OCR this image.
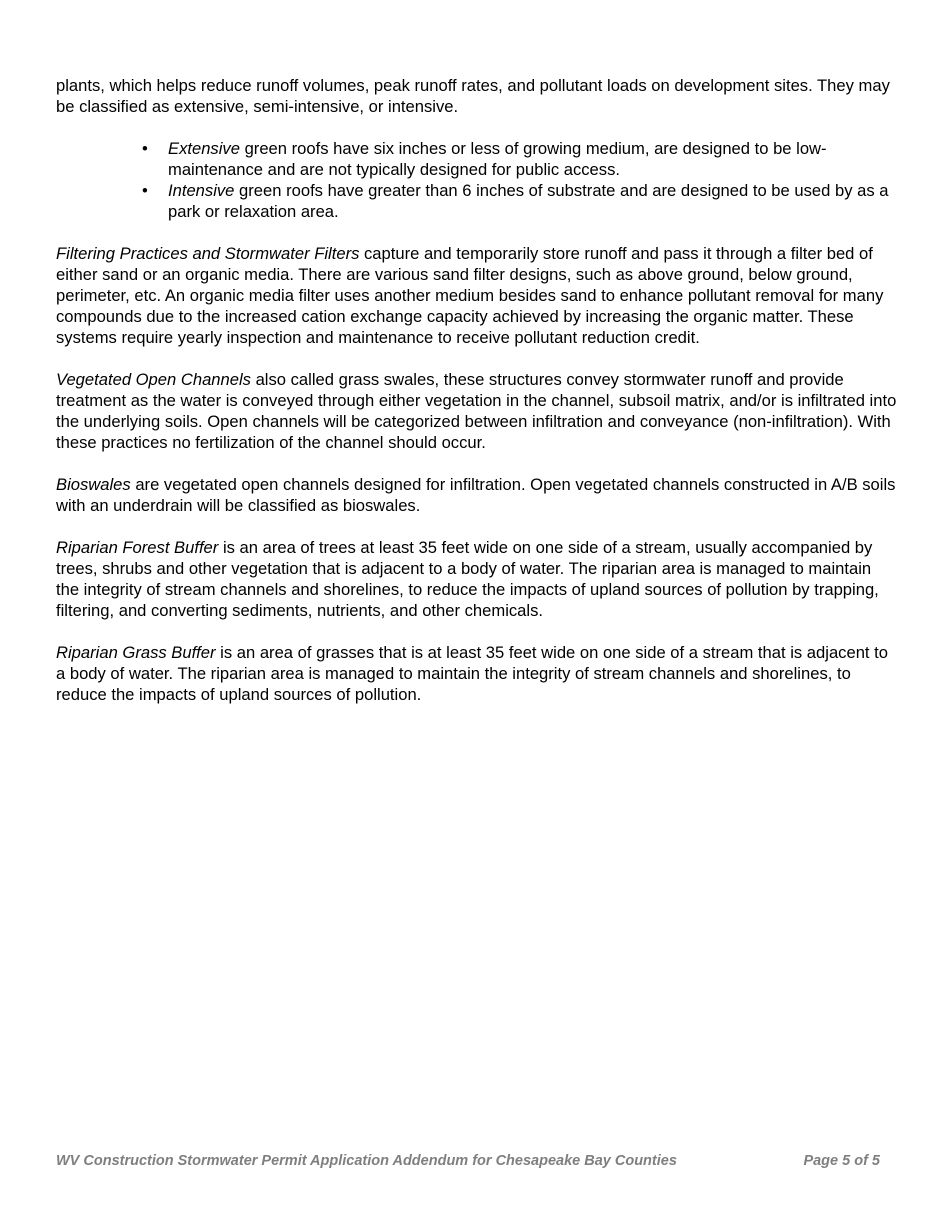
plants, which helps reduce runoff volumes, peak runoff rates, and pollutant loads on development sites. They may be classified as extensive, semi-intensive, or intensive.

• Extensive green roofs have six inches or less of growing medium, are designed to be low-maintenance and are not typically designed for public access.
• Intensive green roofs have greater than 6 inches of substrate and are designed to be used by as a park or relaxation area.

Filtering Practices and Stormwater Filters capture and temporarily store runoff and pass it through a filter bed of either sand or an organic media. There are various sand filter designs, such as above ground, below ground, perimeter, etc. An organic media filter uses another medium besides sand to enhance pollutant removal for many compounds due to the increased cation exchange capacity achieved by increasing the organic matter. These systems require yearly inspection and maintenance to receive pollutant reduction credit.

Vegetated Open Channels also called grass swales, these structures convey stormwater runoff and provide treatment as the water is conveyed through either vegetation in the channel, subsoil matrix, and/or is infiltrated into the underlying soils. Open channels will be categorized between infiltration and conveyance (non-infiltration). With these practices no fertilization of the channel should occur.

Bioswales are vegetated open channels designed for infiltration. Open vegetated channels constructed in A/B soils with an underdrain will be classified as bioswales.

Riparian Forest Buffer is an area of trees at least 35 feet wide on one side of a stream, usually accompanied by trees, shrubs and other vegetation that is adjacent to a body of water. The riparian area is managed to maintain the integrity of stream channels and shorelines, to reduce the impacts of upland sources of pollution by trapping, filtering, and converting sediments, nutrients, and other chemicals.

Riparian Grass Buffer is an area of grasses that is at least 35 feet wide on one side of a stream that is adjacent to a body of water. The riparian area is managed to maintain the integrity of stream channels and shorelines, to reduce the impacts of upland sources of pollution.

WV Construction Stormwater Permit Application Addendum for Chesapeake Bay Counties	Page 5 of 5
